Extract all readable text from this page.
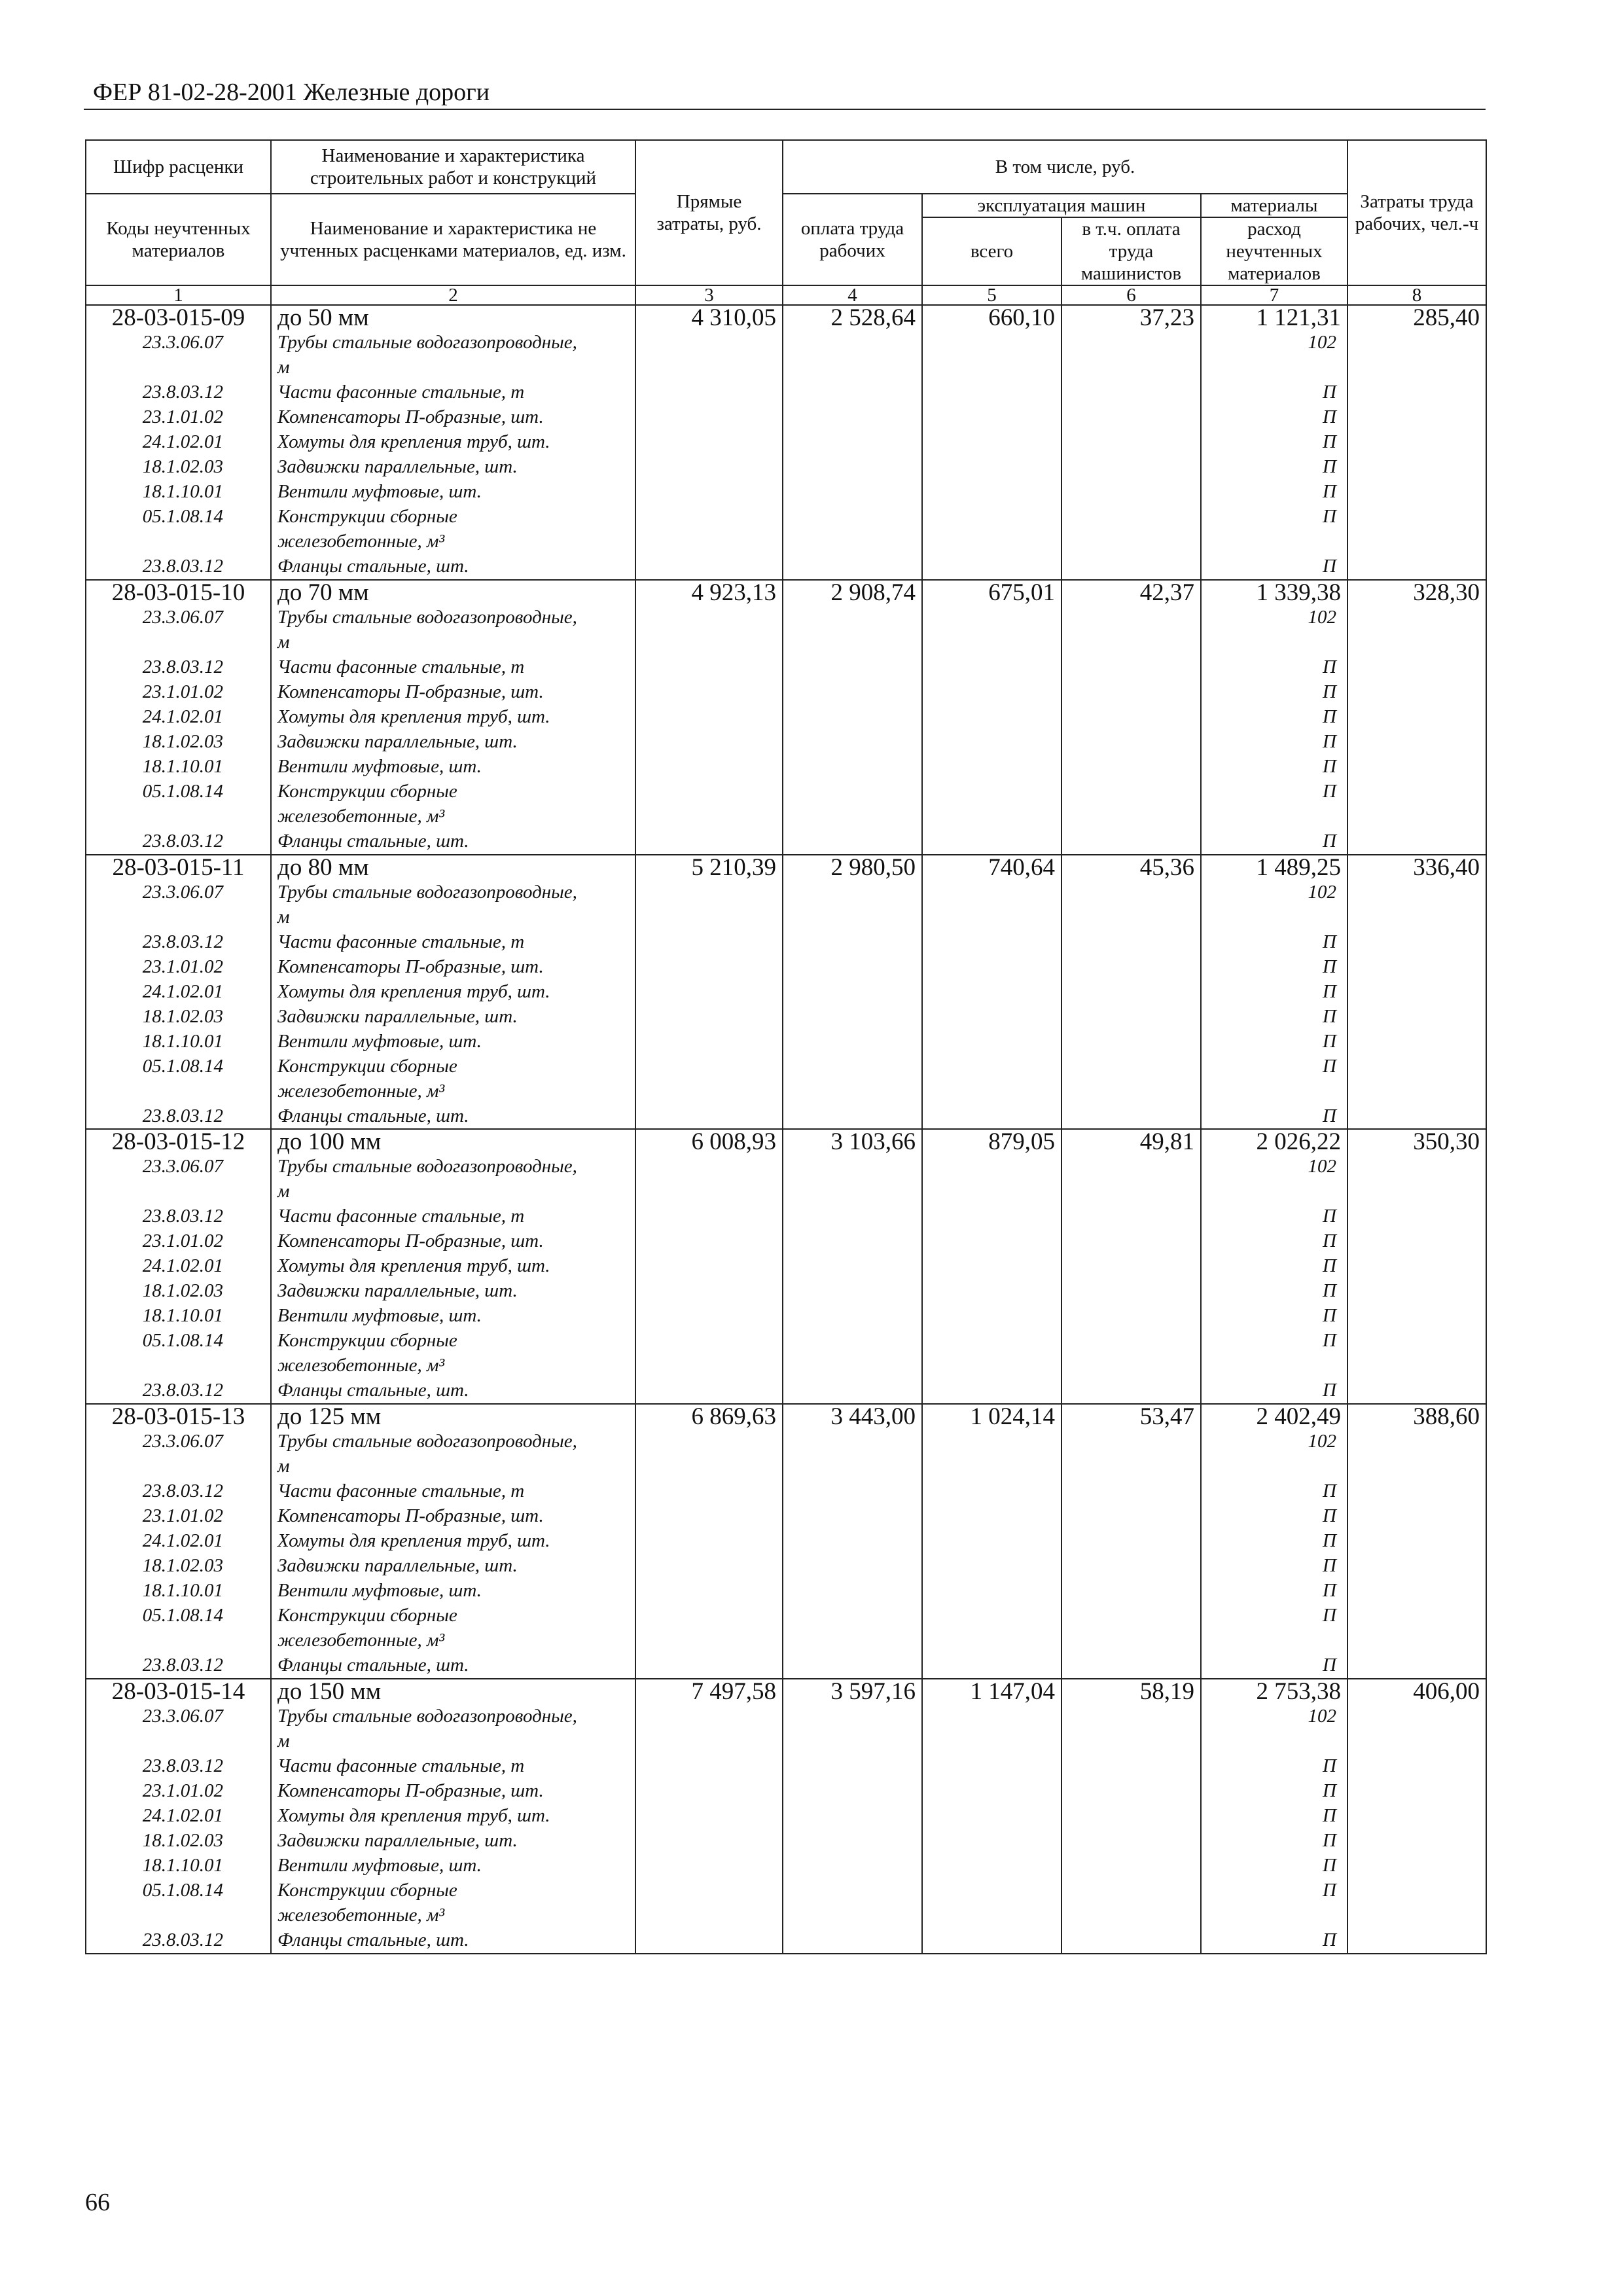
ФЕР 81-02-28-2001 Железные дороги
Шифр расценки	Наименование и характеристика строительных работ и конструкций	Прямые затраты, руб.	В том числе, руб.				Затраты труда рабочих, чел.-ч
Коды неучтенных материалов	Наименование и характеристика не учтенных расценками материалов, ед. изм.		оплата труда рабочих	эксплуатация машин		материалы	
				всего	в т.ч. оплата труда машинистов	расход неучтенных материалов	

1	2	3	4	5	6	7	8
28-03-015-09	до 50 мм	4 310,05	2 528,64	660,10	37,23	1 121,31	285,40
23.3.06.07	Трубы стальные водогазопроводные,					102	
	м						
23.8.03.12	Части фасонные стальные, т					П	
23.1.01.02	Компенсаторы П-образные, шт.					П	
24.1.02.01	Хомуты для крепления труб, шт.					П	
18.1.02.03	Задвижки параллельные, шт.					П	
18.1.10.01	Вентили муфтовые, шт.					П	
05.1.08.14	Конструкции сборные					П	
	железобетонные, м³						
23.8.03.12	Фланцы стальные, шт.					П	
28-03-015-10	до 70 мм	4 923,13	2 908,74	675,01	42,37	1 339,38	328,30
23.3.06.07	Трубы стальные водогазопроводные,					102	
	м						
23.8.03.12	Части фасонные стальные, т					П	
23.1.01.02	Компенсаторы П-образные, шт.					П	
24.1.02.01	Хомуты для крепления труб, шт.					П	
18.1.02.03	Задвижки параллельные, шт.					П	
18.1.10.01	Вентили муфтовые, шт.					П	
05.1.08.14	Конструкции сборные					П	
	железобетонные, м³						
23.8.03.12	Фланцы стальные, шт.					П	
28-03-015-11	до 80 мм	5 210,39	2 980,50	740,64	45,36	1 489,25	336,40
23.3.06.07	Трубы стальные водогазопроводные,					102	
	м						
23.8.03.12	Части фасонные стальные, т					П	
23.1.01.02	Компенсаторы П-образные, шт.					П	
24.1.02.01	Хомуты для крепления труб, шт.					П	
18.1.02.03	Задвижки параллельные, шт.					П	
18.1.10.01	Вентили муфтовые, шт.					П	
05.1.08.14	Конструкции сборные					П	
	железобетонные, м³						
23.8.03.12	Фланцы стальные, шт.					П	
28-03-015-12	до 100 мм	6 008,93	3 103,66	879,05	49,81	2 026,22	350,30
23.3.06.07	Трубы стальные водогазопроводные,					102	
	м						
23.8.03.12	Части фасонные стальные, т					П	
23.1.01.02	Компенсаторы П-образные, шт.					П	
24.1.02.01	Хомуты для крепления труб, шт.					П	
18.1.02.03	Задвижки параллельные, шт.					П	
18.1.10.01	Вентили муфтовые, шт.					П	
05.1.08.14	Конструкции сборные					П	
	железобетонные, м³						
23.8.03.12	Фланцы стальные, шт.					П	
28-03-015-13	до 125 мм	6 869,63	3 443,00	1 024,14	53,47	2 402,49	388,60
23.3.06.07	Трубы стальные водогазопроводные,					102	
	м						
23.8.03.12	Части фасонные стальные, т					П	
23.1.01.02	Компенсаторы П-образные, шт.					П	
24.1.02.01	Хомуты для крепления труб, шт.					П	
18.1.02.03	Задвижки параллельные, шт.					П	
18.1.10.01	Вентили муфтовые, шт.					П	
05.1.08.14	Конструкции сборные					П	
	железобетонные, м³						
23.8.03.12	Фланцы стальные, шт.					П	
28-03-015-14	до 150 мм	7 497,58	3 597,16	1 147,04	58,19	2 753,38	406,00
23.3.06.07	Трубы стальные водогазопроводные,					102	
	м						
23.8.03.12	Части фасонные стальные, т					П	
23.1.01.02	Компенсаторы П-образные, шт.					П	
24.1.02.01	Хомуты для крепления труб, шт.					П	
18.1.02.03	Задвижки параллельные, шт.					П	
18.1.10.01	Вентили муфтовые, шт.					П	
05.1.08.14	Конструкции сборные					П	
	железобетонные, м³						
23.8.03.12	Фланцы стальные, шт.					П	
66
